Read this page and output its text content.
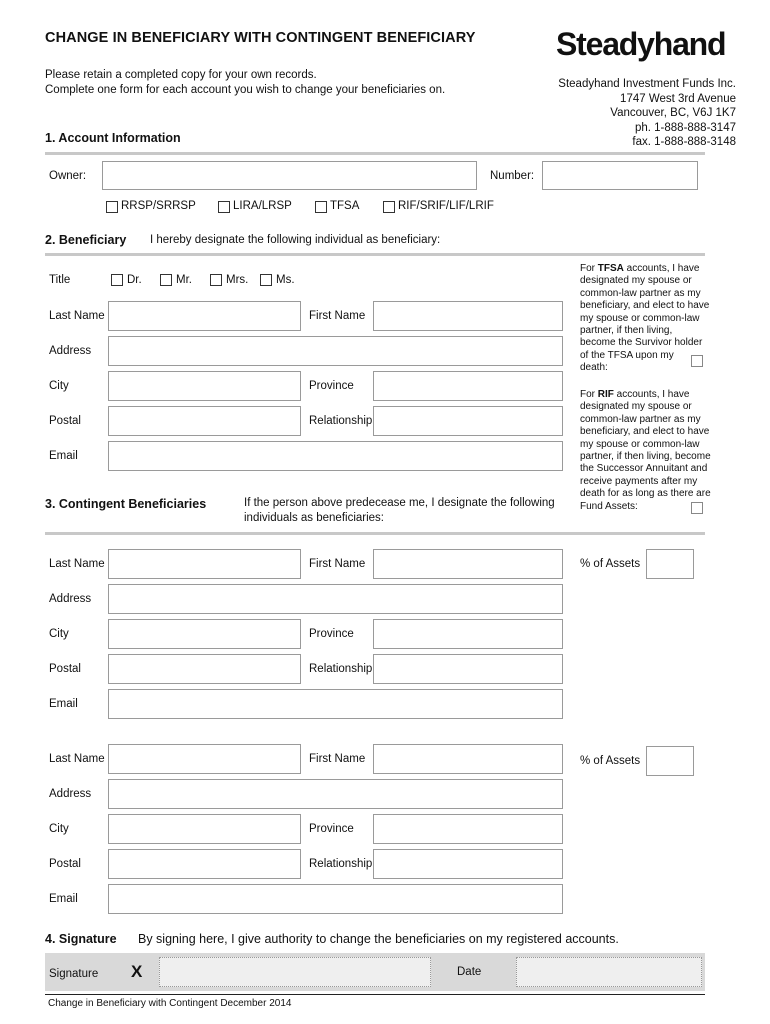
CHANGE IN BENEFICIARY WITH CONTINGENT BENEFICIARY	Steadyhand
Please retain a completed copy for your own records.
Complete one form for each account you wish to change your beneficiaries on.	Steadyhand Investment Funds Inc.
1747 West 3rd Avenue
Vancouver, BC, V6J 1K7
ph. 1-888-888-3147
fax. 1-888-888-3148
1. Account Information
Owner:	Number:
RRSP/SRRSP	LIRA/LRSP	TFSA	RIF/SRIF/LIF/LRIF
2. Beneficiary I hereby designate the following individual as beneficiary:
Title	Dr.	Mr.	Mrs. Ms.
Last Name	First Name
Address
City	Province
Postal	Relationship
Email
For TFSA accounts, I have
designated my spouse or
common-law partner as my
beneficiary, and elect to have
my spouse or common-law
partner, if then living,
become the Survivor holder
of the TFSA upon my
death:
For RIF accounts, I have
designated my spouse or
common-law partner as my
beneficiary, and elect to have
my spouse or common-law
partner, if then living, become
the Successor Annuitant and
receive payments after my
death for as long as there are
Fund Assets:
3. Contingent Beneficiaries	If the person above predecease me, I designate the following
individuals as beneficiaries:
Last Name	First Name	% of Assets
Address
City	Province
Postal	Relationship
Email
Last Name	First Name	% of Assets
Address
City	Province
Postal	Relationship
Email
4. Signature By signing here, I give authority to change the beneficiaries on my registered accounts.
Signature X	Date
Change in Beneficiary with Contingent December 2014
